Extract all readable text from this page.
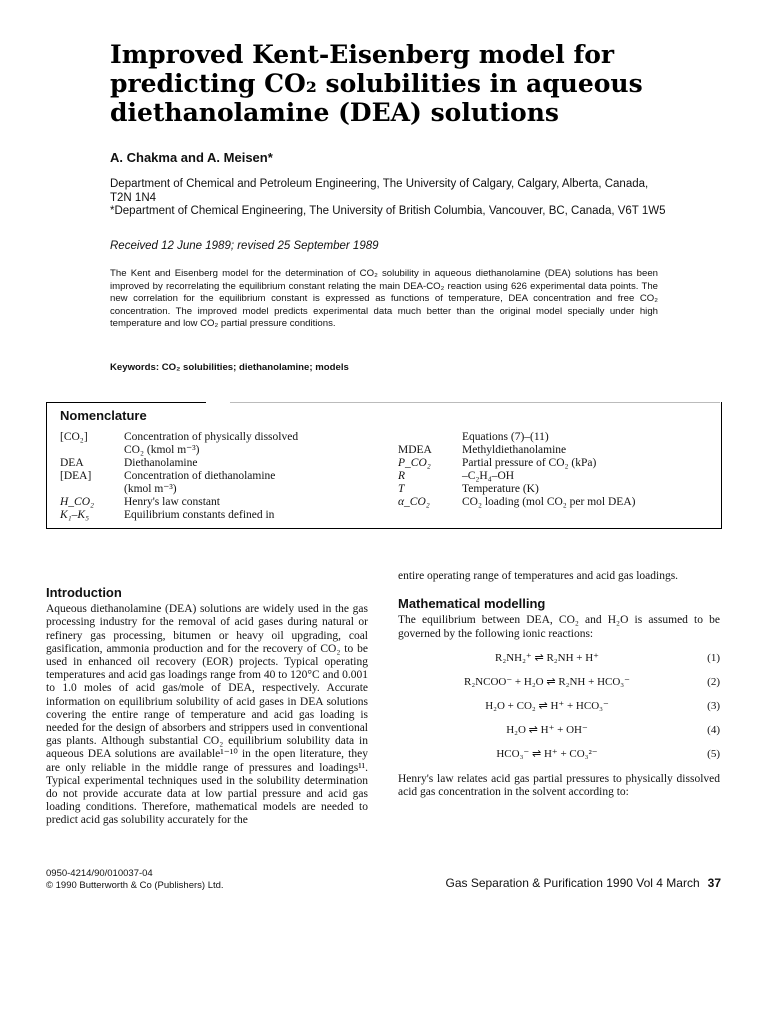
Improved Kent-Eisenberg model for predicting CO₂ solubilities in aqueous diethanolamine (DEA) solutions
A. Chakma and A. Meisen*
Department of Chemical and Petroleum Engineering, The University of Calgary, Calgary, Alberta, Canada, T2N 1N4
*Department of Chemical Engineering, The University of British Columbia, Vancouver, BC, Canada, V6T 1W5
Received 12 June 1989; revised 25 September 1989
The Kent and Eisenberg model for the determination of CO₂ solubility in aqueous diethanolamine (DEA) solutions has been improved by recorrelating the equilibrium constant relating the main DEA-CO₂ reaction using 626 experimental data points. The new correlation for the equilibrium constant is expressed as functions of temperature, DEA concentration and free CO₂ concentration. The improved model predicts experimental data much better than the original model specially under high temperature and low CO₂ partial pressure conditions.
Keywords: CO₂ solubilities; diethanolamine; models
Nomenclature
[CO₂]	Concentration of physically dissolved
CO₂ (kmol m⁻³)
DEA	Diethanolamine
[DEA]	Concentration of diethanolamine
(kmol m⁻³)
H_CO₂	Henry's law constant
K₁–K₅	Equilibrium constants defined in
Equations (7)–(11)
MDEA	Methyldiethanolamine
P_CO₂	Partial pressure of CO₂ (kPa)
R	–C₂H₄–OH
T	Temperature (K)
α_CO₂	CO₂ loading (mol CO₂ per mol DEA)
Introduction
Aqueous diethanolamine (DEA) solutions are widely used in the gas processing industry for the removal of acid gases during natural or refinery gas processing, bitumen or heavy oil upgrading, coal gasification, ammonia production and for the recovery of CO₂ to be used in enhanced oil recovery (EOR) projects. Typical operating temperatures and acid gas loadings range from 40 to 120°C and 0.001 to 1.0 moles of acid gas/mole of DEA, respectively. Accurate information on equilibrium solubility of acid gases in DEA solutions covering the entire range of temperature and acid gas loading is needed for the design of absorbers and strippers used in conventional gas plants. Although substantial CO₂ equilibrium solubility data in aqueous DEA solutions are available¹⁻¹⁰ in the open literature, they are only reliable in the middle range of pressures and loadings¹¹. Typical experimental techniques used in the solubility determination do not provide accurate data at low partial pressure and acid gas loading conditions. Therefore, mathematical models are needed to predict acid gas solubility accurately for the
entire operating range of temperatures and acid gas loadings.
Mathematical modelling
The equilibrium between DEA, CO₂ and H₂O is assumed to be governed by the following ionic reactions:
R₂NH₂⁺ ⇌ R₂NH + H⁺	(1)
R₂NCOO⁻ + H₂O ⇌ R₂NH + HCO₃⁻	(2)
H₂O + CO₂ ⇌ H⁺ + HCO₃⁻	(3)
H₂O ⇌ H⁺ + OH⁻	(4)
HCO₃⁻ ⇌ H⁺ + CO₃²⁻	(5)
Henry's law relates acid gas partial pressures to physically dissolved acid gas concentration in the solvent according to:
0950-4214/90/010037-04
© 1990 Butterworth & Co (Publishers) Ltd.	Gas Separation & Purification 1990 Vol 4 March 37
